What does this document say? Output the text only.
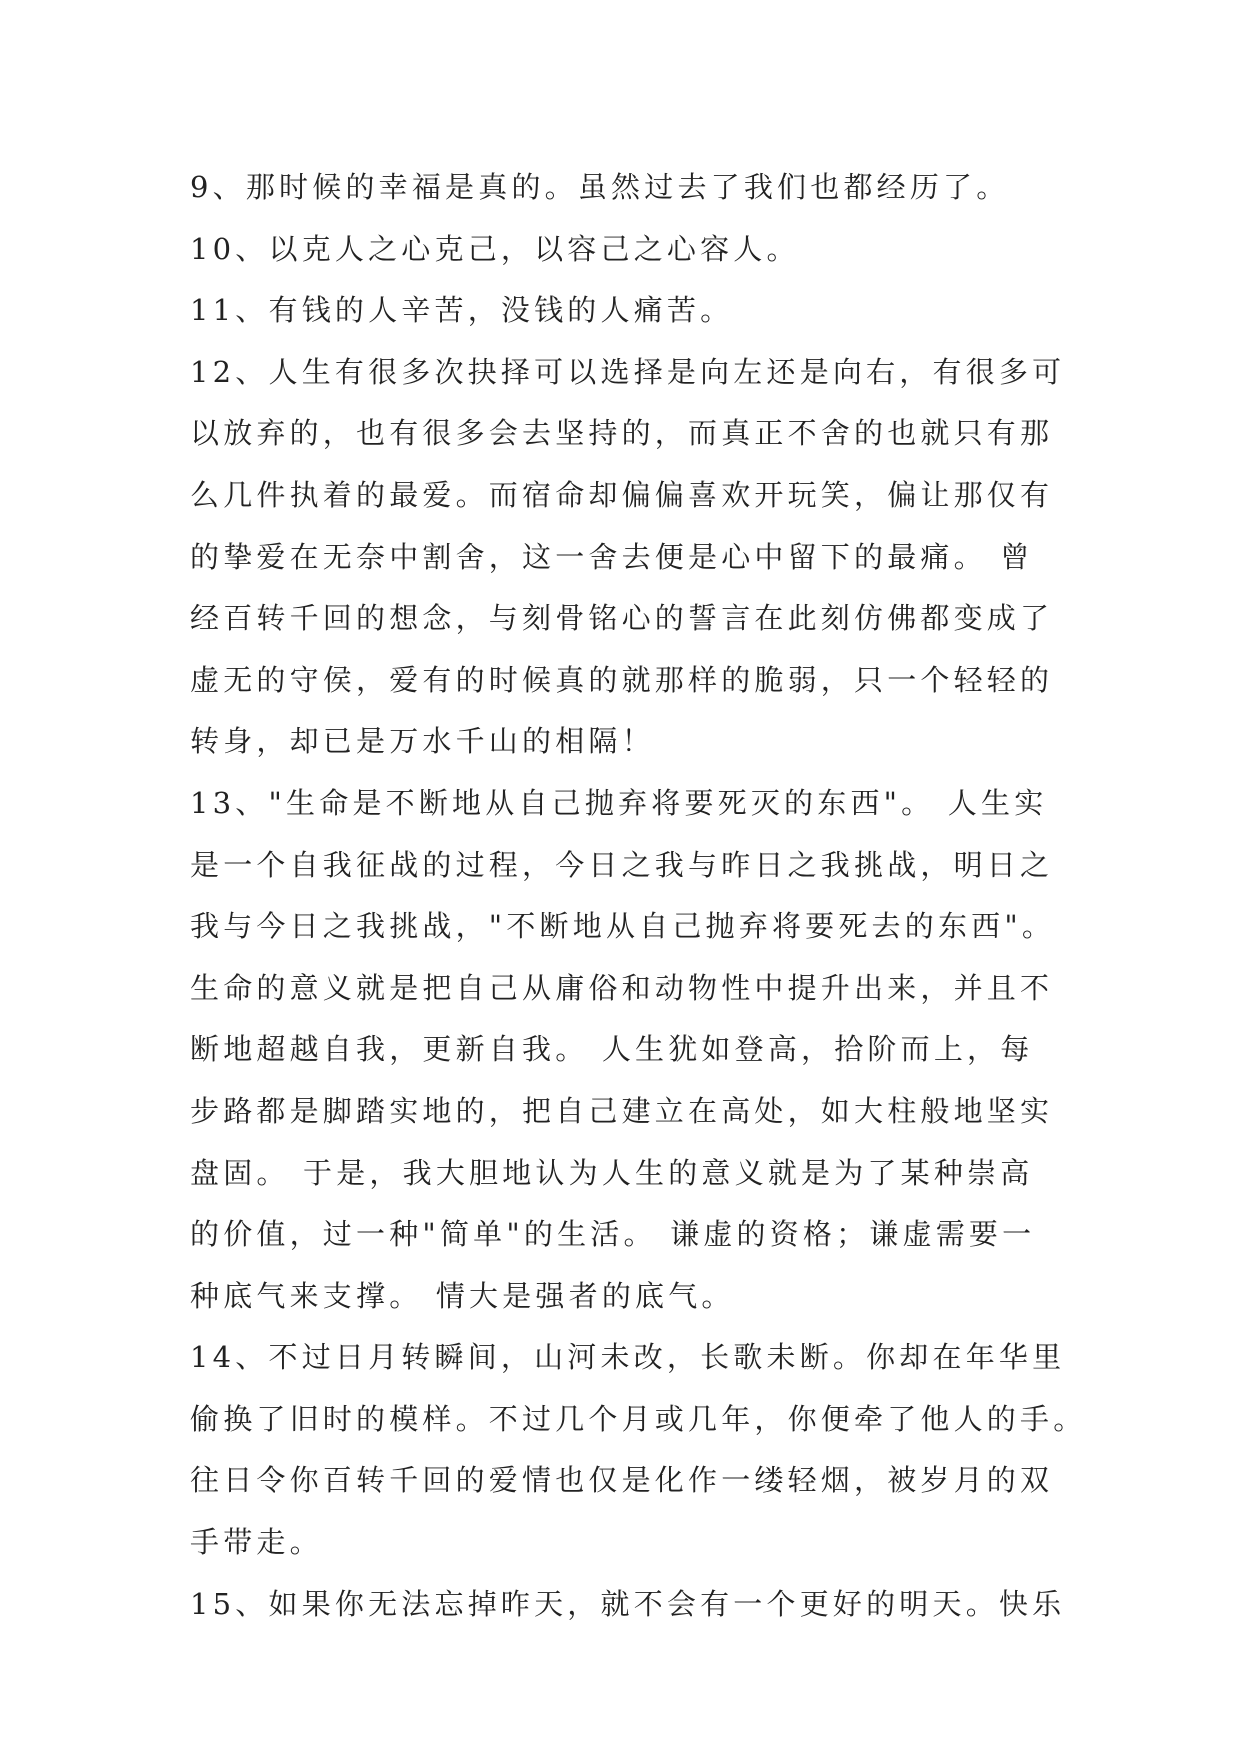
9、那时候的幸福是真的。虽然过去了我们也都经历了。
10、以克人之心克己，以容己之心容人。
11、有钱的人辛苦，没钱的人痛苦。
12、人生有很多次抉择可以选择是向左还是向右，有很多可
以放弃的，也有很多会去坚持的，而真正不舍的也就只有那
么几件执着的最爱。而宿命却偏偏喜欢开玩笑，偏让那仅有
的挚爱在无奈中割舍，这一舍去便是心中留下的最痛。 曾
经百转千回的想念，与刻骨铭心的誓言在此刻仿佛都变成了
虚无的守侯，爱有的时候真的就那样的脆弱，只一个轻轻的
转身，却已是万水千山的相隔！
13、"生命是不断地从自己抛弃将要死灭的东西"。 人生实
是一个自我征战的过程，今日之我与昨日之我挑战，明日之
我与今日之我挑战，"不断地从自己抛弃将要死去的东西"。
生命的意义就是把自己从庸俗和动物性中提升出来，并且不
断地超越自我，更新自我。 人生犹如登高，拾阶而上，每
步路都是脚踏实地的，把自己建立在高处，如大柱般地坚实
盘固。 于是，我大胆地认为人生的意义就是为了某种崇高
的价值，过一种"简单"的生活。 谦虚的资格；谦虚需要一
种底气来支撑。 情大是强者的底气。
14、不过日月转瞬间，山河未改，长歌未断。你却在年华里
偷换了旧时的模样。不过几个月或几年，你便牵了他人的手。
往日令你百转千回的爱情也仅是化作一缕轻烟，被岁月的双
手带走。
15、如果你无法忘掉昨天，就不会有一个更好的明天。快乐
